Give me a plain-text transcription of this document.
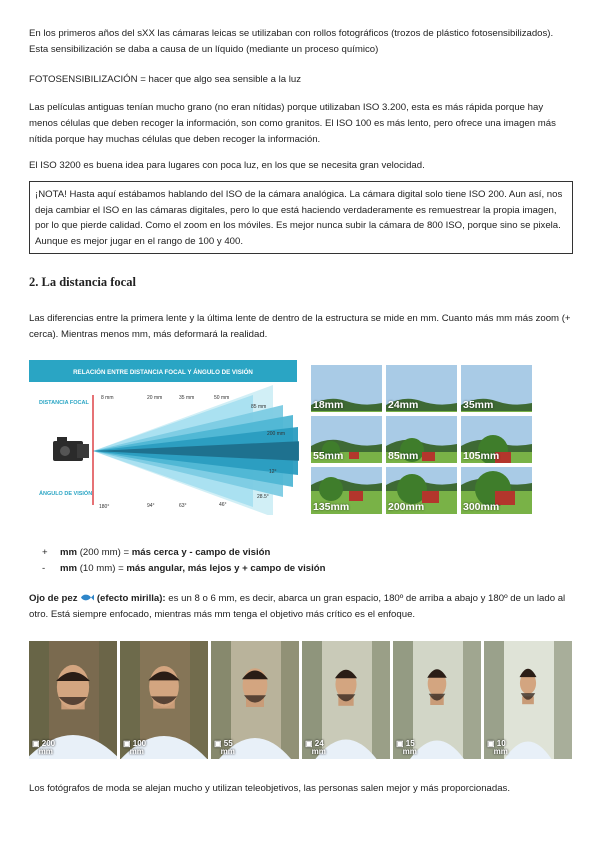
En los primeros años del sXX las cámaras leicas se utilizaban con rollos fotográficos (trozos de plástico fotosensibilizados). Esta sensibilización se daba a causa de un líquido (mediante un proceso químico)

FOTOSENSIBILIZACIÓN = hacer que algo sea sensible a la luz

Las películas antiguas tenían mucho grano (no eran nítidas) porque utilizaban ISO 3.200, esta es más rápida porque hay menos células que deben recoger la información, son como granitos. El ISO 100 es más lento, pero ofrece una imagen más nítida porque hay muchas células que deben recoger la información.

El ISO 3200 es buena idea para lugares con poca luz, en los que se necesita gran velocidad.

¡NOTA! Hasta aquí estábamos hablando del ISO de la cámara analógica. La cámara digital solo tiene ISO 200. Aun así, nos deja cambiar el ISO en las cámaras digitales, pero lo que está haciendo verdaderamente es remuestrear la propia imagen, por lo que pierde calidad. Como el zoom en los móviles. Es mejor nunca subir la cámara de 800 ISO, porque sino se pixela. Aunque es mejor jugar en el rango de 100 y 400.
2. La distancia focal

Las diferencias entre la primera lente y la última lente de dentro de la estructura se mide en mm. Cuanto más mm más zoom (+ cerca). Mientras menos mm, más deformará la realidad.

RELACIÓN ENTRE DISTANCIA FOCAL Y ÁNGULO DE VISIÓN
DISTANCIA FOCAL
ÁNGULO DE VISIÓN
8 mm	20 mm	35 mm	50 mm
85 mm
200 mm
180°	94°	63°	46°
28.5°
12°
18mm	24mm	35mm
55mm	85mm	105mm
135mm	200mm	300mm
+ mm (200 mm) = más cerca y - campo de visión
- mm (10 mm) = más angular, más lejos y + campo de visión

Ojo de pez  (efecto mirilla): es un 8 o 6 mm, es decir, abarca un gran espacio, 180º de arriba a abajo y 180º de un lado al otro. Está siempre enfocado, mientras más mm tenga el objetivo más crítico es el enfoque.

▣ 200
mm
▣ 100
mm
▣ 55
mm
▣ 24
mm
▣ 15
mm
▣ 10
mm

Los fotógrafos de moda se alejan mucho y utilizan teleobjetivos, las personas salen mejor y más proporcionadas.
